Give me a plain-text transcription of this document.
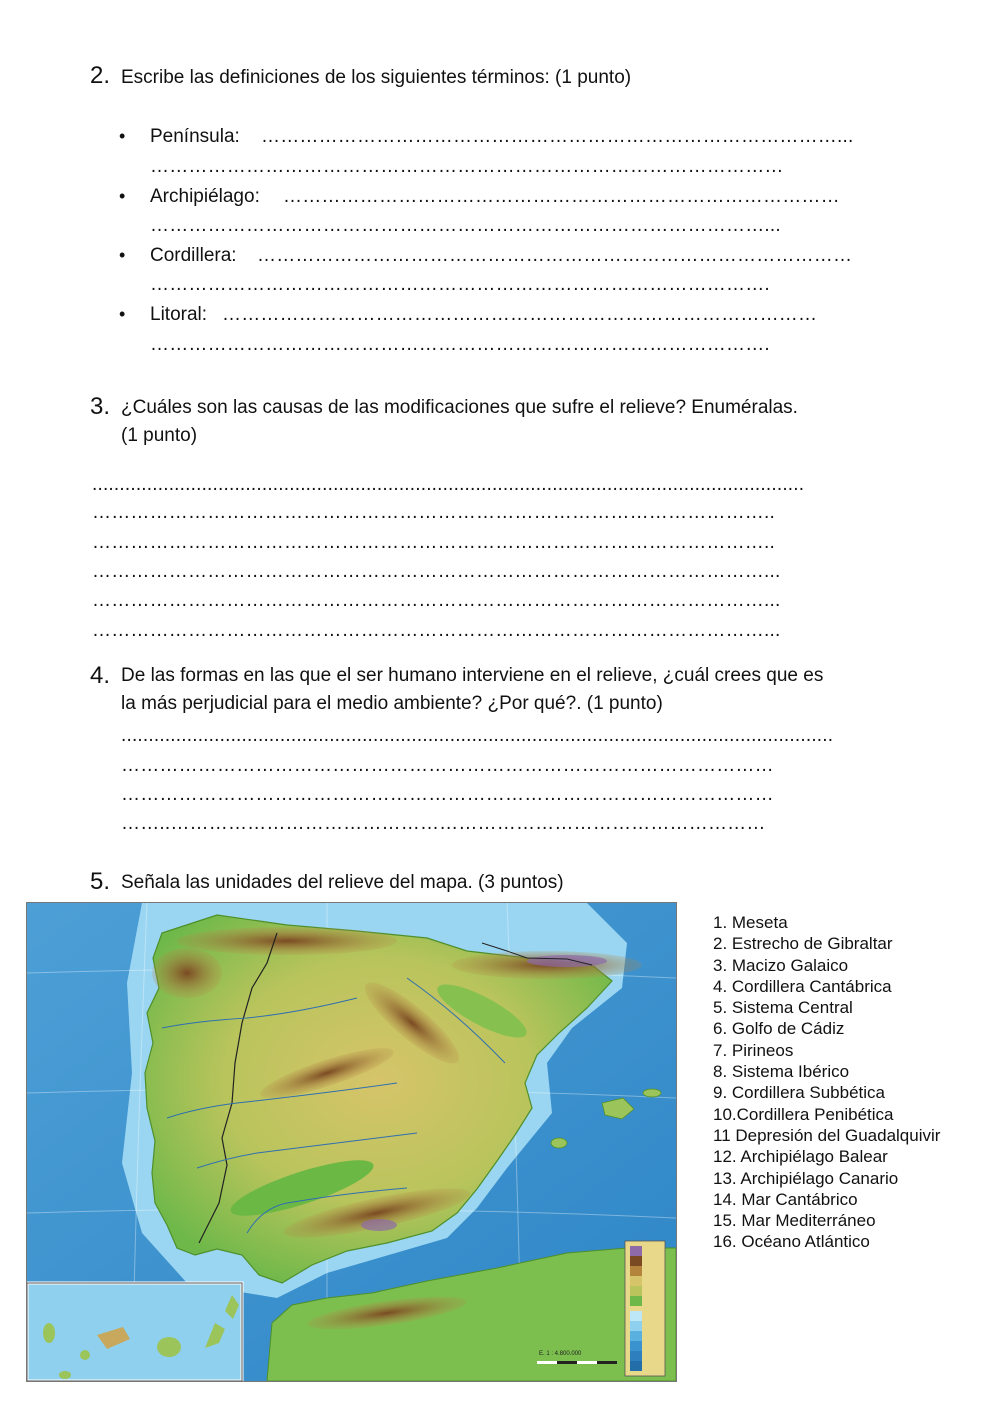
2. Escribe las definiciones de los siguientes términos: (1 punto)
• Península: ………………………………………………………………………………...
………………………………………………………………………………………
• Archipiélago: ……………………………………………………………………………
……………………………………………………………………………………...
• Cordillera: …………………………………………………………………………………
…………………………………………………………………………………….
• Litoral: …………………………………………………………………………………
…………………………………………………………………………………….
3. ¿Cuáles son las causas de las modificaciones que sufre el relieve? Enuméralas.
(1 punto)
..................................................................................................................................
……………………………………………………………………………………………..
……………………………………………………………………………………………..
……………………………………………………………………………………………...
……………………………………………………………………………………………...
……………………………………………………………………………………………...
4. De las formas en las que el ser humano interviene en el relieve, ¿cuál crees que es
la más perjudicial para el medio ambiente? ¿Por qué?. (1 punto)
..................................................................................................................................
…………………………………………………………………………………………
…………………………………………………………………………………………
……..…………………………………………………………………………………
5. Señala las unidades del relieve del mapa. (3 puntos)
E. 1 : 4.800.000
1. Meseta
2. Estrecho de Gibraltar
3. Macizo Galaico
4. Cordillera Cantábrica
5. Sistema Central
6. Golfo de Cádiz
7. Pirineos
8. Sistema Ibérico
9. Cordillera Subbética
10.Cordillera Penibética
11 Depresión del Guadalquivir
12. Archipiélago Balear
13. Archipiélago Canario
14. Mar Cantábrico
15. Mar Mediterráneo
16. Océano Atlántico
